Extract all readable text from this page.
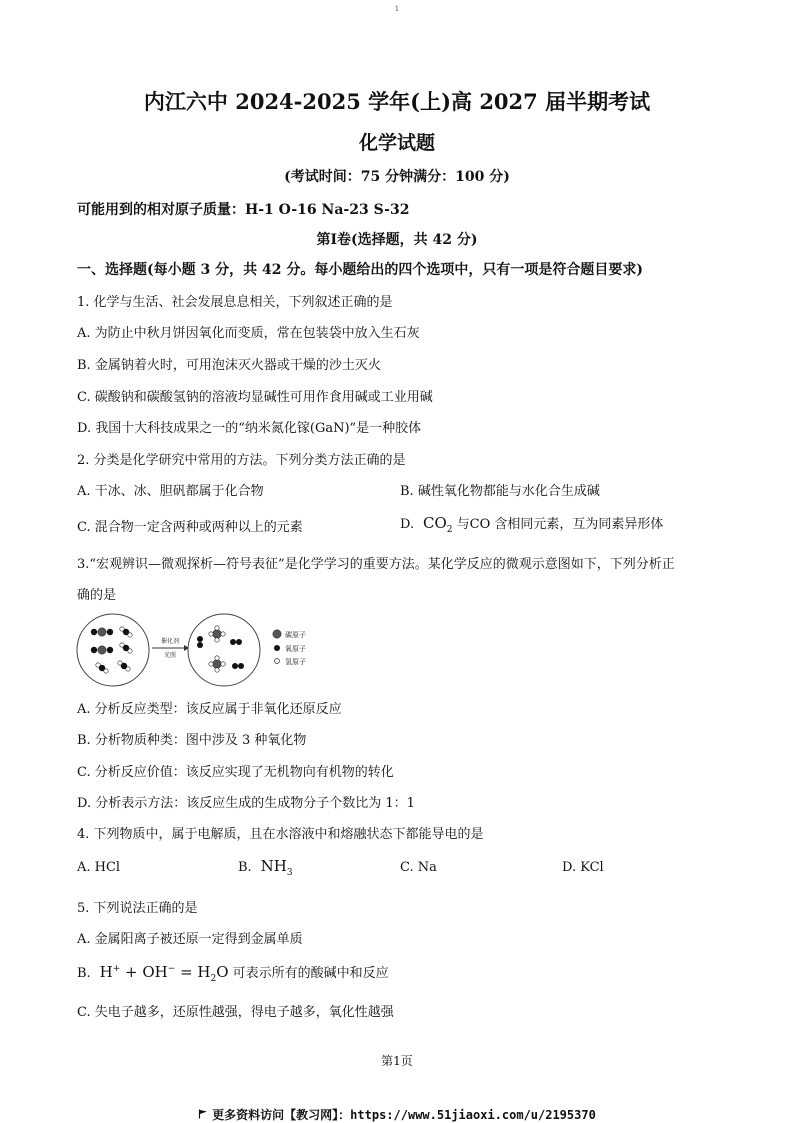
1
内江六中 2024-2025 学年(上)高 2027 届半期考试
化学试题
(考试时间：75 分钟满分：100 分)
可能用到的相对原子质量：H-1 O-16 Na-23 S-32
第Ⅰ卷(选择题，共 42 分)
一、选择题(每小题 3 分，共 42 分。每小题给出的四个选项中，只有一项是符合题目要求)
1. 化学与生活、社会发展息息相关，下列叙述正确的是
A. 为防止中秋月饼因氧化而变质，常在包装袋中放入生石灰
B. 金属钠着火时，可用泡沫灭火器或干燥的沙土灭火
C. 碳酸钠和碳酸氢钠的溶液均显碱性可用作食用碱或工业用碱
D. 我国十大科技成果之一的“纳米氮化镓(GaN)”是一种胶体
2. 分类是化学研究中常用的方法。下列分类方法正确的是
A. 干冰、冰、胆矾都属于化合物	B. 碱性氧化物都能与水化合生成碱
C. 混合物一定含两种或两种以上的元素	D.  $CO_2$ 与CO 含相同元素，互为同素异形体
3.“宏观辨识—微观探析—符号表征”是化学学习的重要方法。某化学反应的微观示意图如下，下列分析正
确的是
催化剂
光照
碳原子
氧原子
氢原子
A. 分析反应类型：该反应属于非氧化还原反应
B. 分析物质种类：图中涉及 3 种氧化物
C. 分析反应价值：该反应实现了无机物向有机物的转化
D. 分析表示方法：该反应生成的生成物分子个数比为 1：1
4. 下列物质中，属于电解质，且在水溶液中和熔融状态下都能导电的是
A. HCl	B.  $NH_3$	C. Na	D. KCl
5. 下列说法正确的是
A. 金属阳离子被还原一定得到金属单质
B.  $H^+ + OH^- = H_2O$ 可表示所有的酸碱中和反应
C. 失电子越多，还原性越强，得电子越多，氧化性越强
第1页
更多资料访问【教习网】：https://www.51jiaoxi.com/u/2195370
